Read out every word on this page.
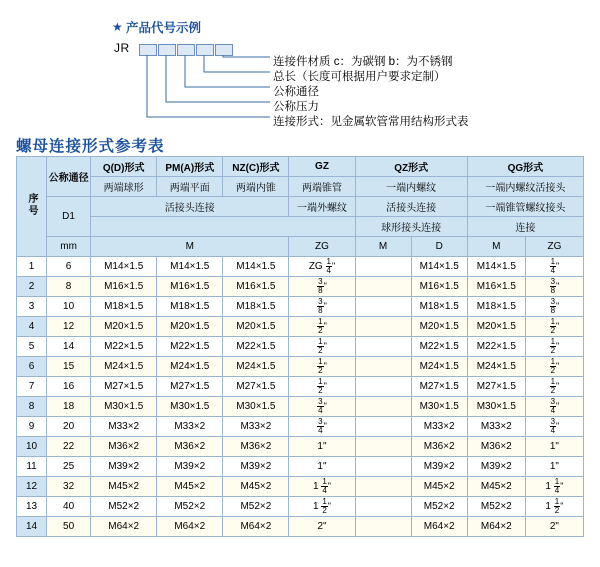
★ 产品代号示例
JR
连接件材质 c：为碳钢 b：为不锈钢
总长（长度可根据用户要求定制）
公称通径
公称压力
连接形式：见金属软管常用结构形式表
螺母连接形式参考表
序号	公称通径	Q(D)形式	PM(A)形式	NZ(C)形式	GZ	QZ形式		QG形式	
		两端球形	两端平面	两端内锥	两端锥管	一端内螺纹		一端内螺纹活接头	
	D1	活接头连接			一端外螺纹	活接头连接		一端锥管螺纹接头	
						球形接头连接		连接	
	mm	M			ZG	M	D	M	ZG
1	6	M14×1.5	M14×1.5	M14×1.5	ZG $\frac{1}{4}$ "		M14×1.5	M14×1.5	$\frac{1}{4}$ "
2	8	M16×1.5	M16×1.5	M16×1.5	$\frac{3}{8}$ "		M16×1.5	M16×1.5	$\frac{3}{8}$ "
3	10	M18×1.5	M18×1.5	M18×1.5	$\frac{3}{8}$ "		M18×1.5	M18×1.5	$\frac{3}{8}$ "
4	12	M20×1.5	M20×1.5	M20×1.5	$\frac{1}{2}$ "		M20×1.5	M20×1.5	$\frac{1}{2}$ "
5	14	M22×1.5	M22×1.5	M22×1.5	$\frac{1}{2}$ "		M22×1.5	M22×1.5	$\frac{1}{2}$ "
6	15	M24×1.5	M24×1.5	M24×1.5	$\frac{1}{2}$ "		M24×1.5	M24×1.5	$\frac{1}{2}$ "
7	16	M27×1.5	M27×1.5	M27×1.5	$\frac{1}{2}$ "		M27×1.5	M27×1.5	$\frac{1}{2}$ "
8	18	M30×1.5	M30×1.5	M30×1.5	$\frac{3}{4}$ "		M30×1.5	M30×1.5	$\frac{3}{4}$ "
9	20	M33×2	M33×2	M33×2	$\frac{3}{4}$ "		M33×2	M33×2	$\frac{3}{4}$ "
10	22	M36×2	M36×2	M36×2	1"		M36×2	M36×2	1"
11	25	M39×2	M39×2	M39×2	1"		M39×2	M39×2	1"
12	32	M45×2	M45×2	M45×2	$1 \frac{1}{4}$ "		M45×2	M45×2	$1 \frac{1}{4}$ "
13	40	M52×2	M52×2	M52×2	$1 \frac{1}{2}$ "		M52×2	M52×2	$1 \frac{1}{2}$ "
14	50	M64×2	M64×2	M64×2	2"		M64×2	M64×2	2"
